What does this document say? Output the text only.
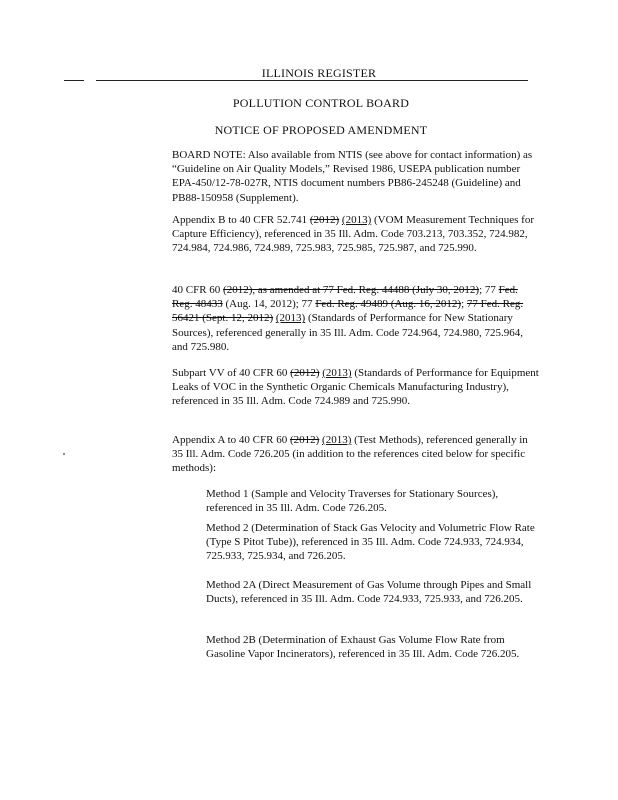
ILLINOIS REGISTER
POLLUTION CONTROL BOARD
NOTICE OF PROPOSED AMENDMENT

BOARD NOTE: Also available from NTIS (see above for contact information) as “Guideline on Air Quality Models,” Revised 1986, USEPA publication number EPA-450/12-78-027R, NTIS document numbers PB86-245248 (Guideline) and PB88-150958 (Supplement).

Appendix B to 40 CFR 52.741 (2012) (2013) (VOM Measurement Techniques for Capture Efficiency), referenced in 35 Ill. Adm. Code 703.213, 703.352, 724.982, 724.984, 724.986, 724.989, 725.983, 725.985, 725.987, and 725.990.

40 CFR 60 (2012), as amended at 77 Fed. Reg. 44488 (July 30, 2012); 77 Fed. Reg. 48433 (Aug. 14, 2012); 77 Fed. Reg. 49489 (Aug. 16, 2012); 77 Fed. Reg. 56421 (Sept. 12, 2012) (2013) (Standards of Performance for New Stationary Sources), referenced generally in 35 Ill. Adm. Code 724.964, 724.980, 725.964, and 725.980.

Subpart VV of 40 CFR 60 (2012) (2013) (Standards of Performance for Equipment Leaks of VOC in the Synthetic Organic Chemicals Manufacturing Industry), referenced in 35 Ill. Adm. Code 724.989 and 725.990.

Appendix A to 40 CFR 60 (2012) (2013) (Test Methods), referenced generally in 35 Ill. Adm. Code 726.205 (in addition to the references cited below for specific methods):

Method 1 (Sample and Velocity Traverses for Stationary Sources), referenced in 35 Ill. Adm. Code 726.205.

Method 2 (Determination of Stack Gas Velocity and Volumetric Flow Rate (Type S Pitot Tube)), referenced in 35 Ill. Adm. Code 724.933, 724.934, 725.933, 725.934, and 726.205.

Method 2A (Direct Measurement of Gas Volume through Pipes and Small Ducts), referenced in 35 Ill. Adm. Code 724.933, 725.933, and 726.205.

Method 2B (Determination of Exhaust Gas Volume Flow Rate from Gasoline Vapor Incinerators), referenced in 35 Ill. Adm. Code 726.205.
